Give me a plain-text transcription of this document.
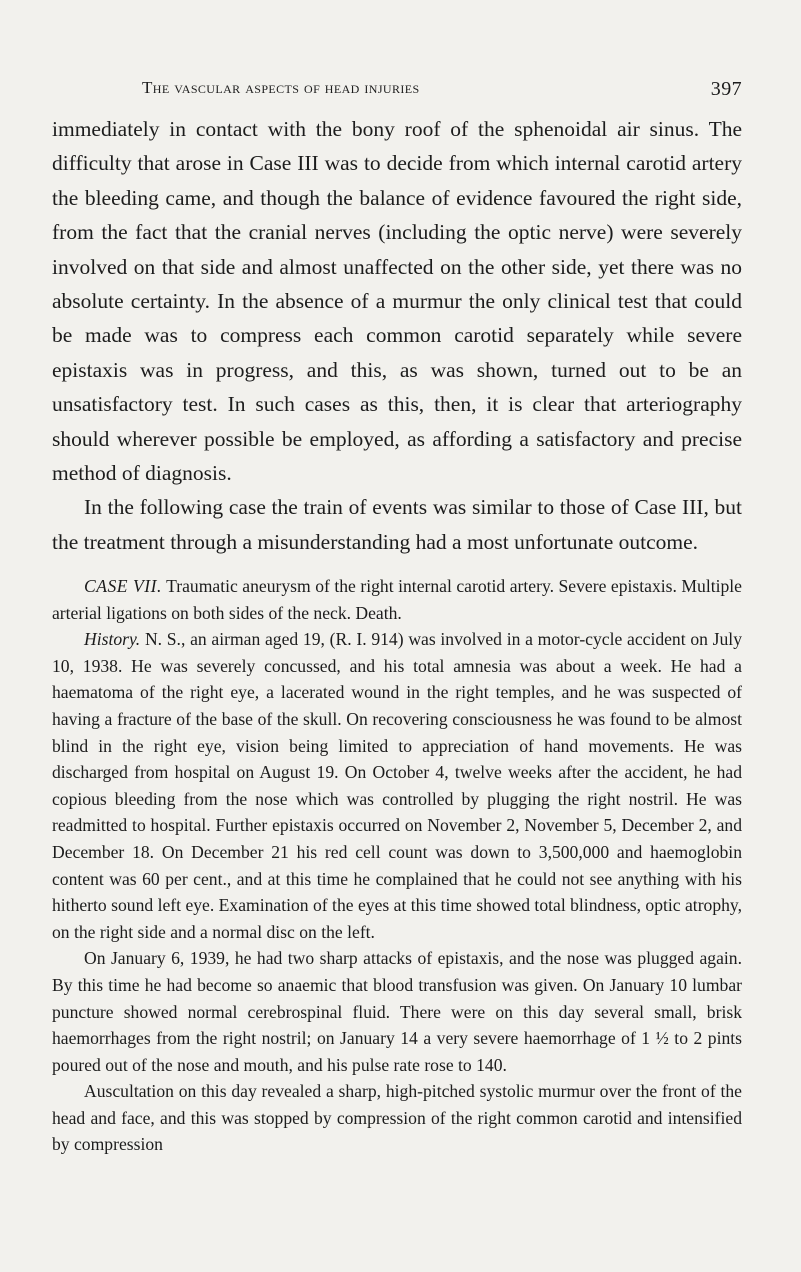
The vascular aspects of head injuries	397

immediately in contact with the bony roof of the sphenoidal air sinus. The difficulty that arose in Case III was to decide from which internal carotid artery the bleeding came, and though the balance of evidence favoured the right side, from the fact that the cranial nerves (including the optic nerve) were severely involved on that side and almost unaffected on the other side, yet there was no absolute certainty. In the absence of a murmur the only clinical test that could be made was to compress each common carotid separately while severe epistaxis was in progress, and this, as was shown, turned out to be an unsatisfactory test. In such cases as this, then, it is clear that arteriography should wherever possible be employed, as affording a satisfactory and precise method of diagnosis.

In the following case the train of events was similar to those of Case III, but the treatment through a misunderstanding had a most unfortunate outcome.

CASE VII. Traumatic aneurysm of the right internal carotid artery. Severe epistaxis. Multiple arterial ligations on both sides of the neck. Death.

History. N. S., an airman aged 19, (R. I. 914) was involved in a motor-cycle accident on July 10, 1938. He was severely concussed, and his total amnesia was about a week. He had a haematoma of the right eye, a lacerated wound in the right temples, and he was suspected of having a fracture of the base of the skull. On recovering consciousness he was found to be almost blind in the right eye, vision being limited to appreciation of hand movements. He was discharged from hospital on August 19. On October 4, twelve weeks after the accident, he had copious bleeding from the nose which was controlled by plugging the right nostril. He was readmitted to hospital. Further epistaxis occurred on November 2, November 5, December 2, and December 18. On December 21 his red cell count was down to 3,500,000 and haemoglobin content was 60 per cent., and at this time he complained that he could not see anything with his hitherto sound left eye. Examination of the eyes at this time showed total blindness, optic atrophy, on the right side and a normal disc on the left.

On January 6, 1939, he had two sharp attacks of epistaxis, and the nose was plugged again. By this time he had become so anaemic that blood transfusion was given. On January 10 lumbar puncture showed normal cerebrospinal fluid. There were on this day several small, brisk haemorrhages from the right nostril; on January 14 a very severe haemorrhage of 1 ½ to 2 pints poured out of the nose and mouth, and his pulse rate rose to 140.

Auscultation on this day revealed a sharp, high-pitched systolic murmur over the front of the head and face, and this was stopped by compression of the right common carotid and intensified by compression
